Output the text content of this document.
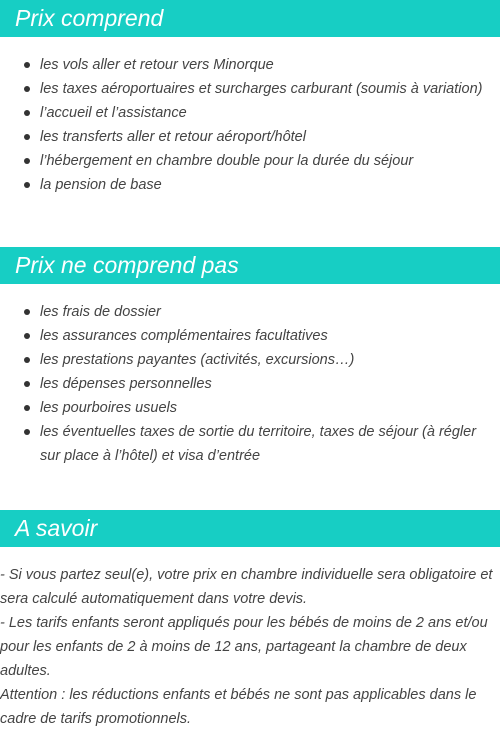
Prix comprend
les vols aller et retour vers Minorque
les taxes aéroportuaires et surcharges carburant (soumis à variation)
l’accueil et l’assistance
les transferts aller et retour aéroport/hôtel
l’hébergement en chambre double pour la durée du séjour
la pension de base
Prix ne comprend pas
les frais de dossier
les assurances complémentaires facultatives
les prestations payantes (activités, excursions…)
les dépenses personnelles
les pourboires usuels
les éventuelles taxes de sortie du territoire, taxes de séjour (à régler sur place à l’hôtel) et visa d’entrée
A savoir

- Si vous partez seul(e), votre prix en chambre individuelle sera obligatoire et sera calculé automatiquement dans votre devis.

- Les tarifs enfants seront appliqués pour les bébés de moins de 2 ans et/ou pour les enfants de 2 à moins de 12 ans, partageant la chambre de deux adultes.

Attention : les réductions enfants et bébés ne sont pas applicables dans le cadre de tarifs promotionnels.
